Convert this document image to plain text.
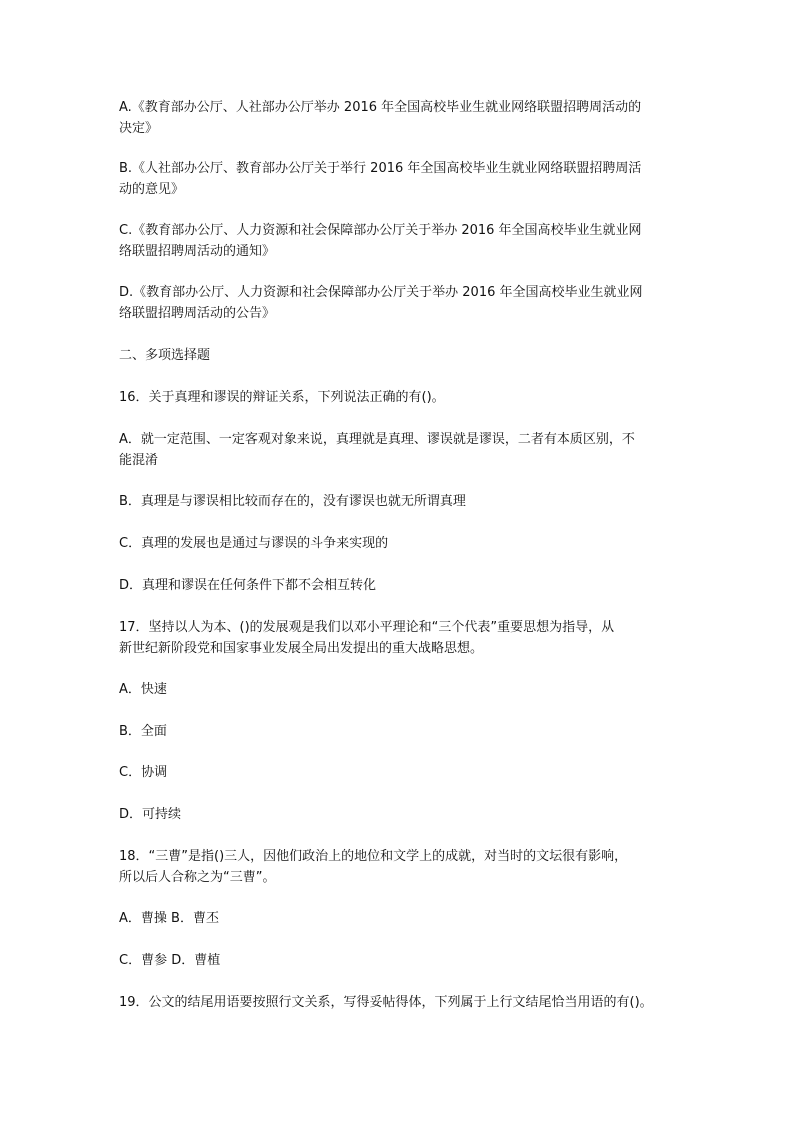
A.《教育部办公厅、人社部办公厅举办 2016 年全国高校毕业生就业网络联盟招聘周活动的
决定》
B.《人社部办公厅、教育部办公厅关于举行 2016 年全国高校毕业生就业网络联盟招聘周活
动的意见》
C.《教育部办公厅、人力资源和社会保障部办公厅关于举办 2016 年全国高校毕业生就业网
络联盟招聘周活动的通知》
D.《教育部办公厅、人力资源和社会保障部办公厅关于举办 2016 年全国高校毕业生就业网
络联盟招聘周活动的公告》
二、多项选择题
16．关于真理和谬误的辩证关系，下列说法正确的有()。
A．就一定范围、一定客观对象来说，真理就是真理、谬误就是谬误，二者有本质区别，不
能混淆
B．真理是与谬误相比较而存在的，没有谬误也就无所谓真理
C．真理的发展也是通过与谬误的斗争来实现的
D．真理和谬误在任何条件下都不会相互转化
17．坚持以人为本、()的发展观是我们以邓小平理论和“三个代表”重要思想为指导，从
新世纪新阶段党和国家事业发展全局出发提出的重大战略思想。
A．快速
B．全面
C．协调
D．可持续
18．“三曹”是指()三人，因他们政治上的地位和文学上的成就，对当时的文坛很有影响，
所以后人合称之为“三曹”。
A．曹操 B．曹丕
C．曹参 D．曹植
19．公文的结尾用语要按照行文关系，写得妥帖得体，下列属于上行文结尾恰当用语的有()。
